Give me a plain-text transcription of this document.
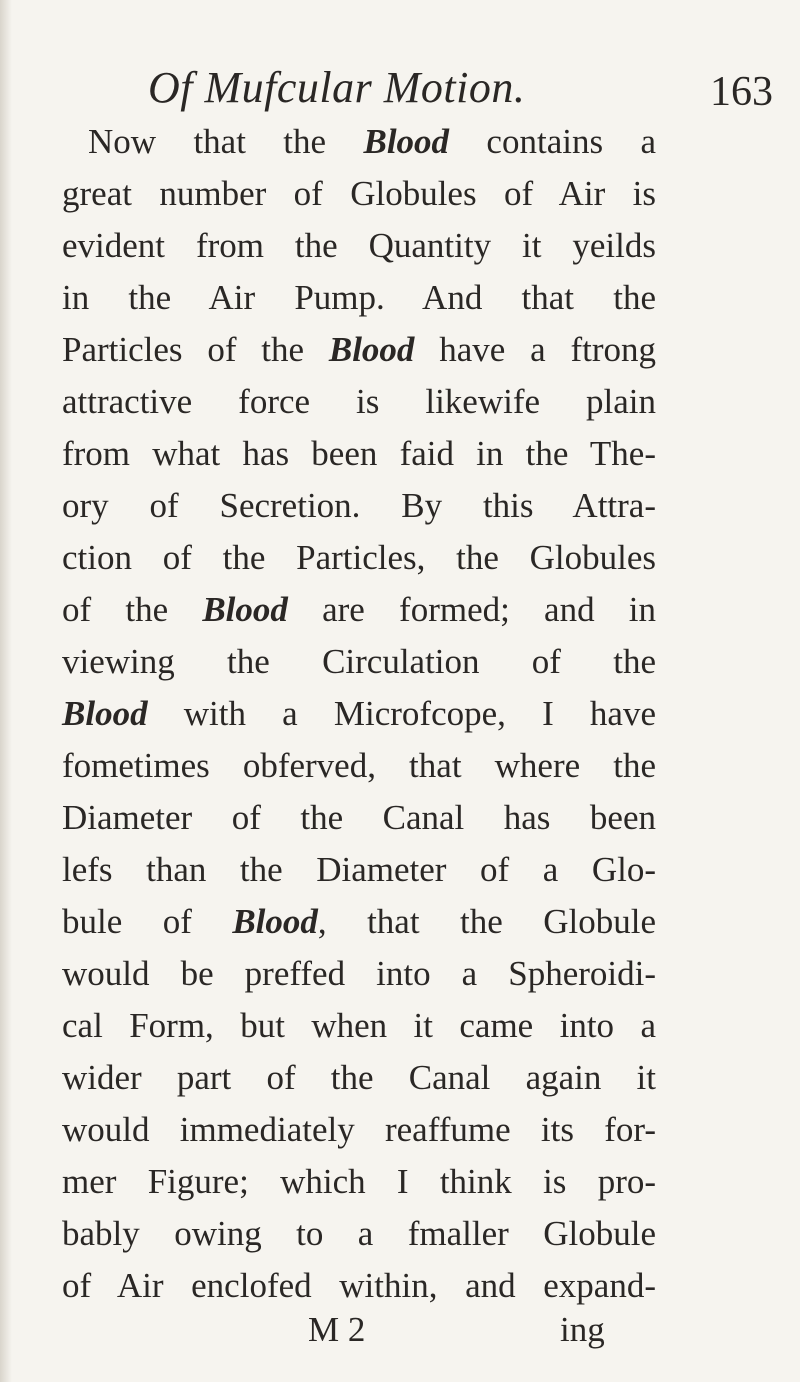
Of Mufcular Motion.	163
Now that the Blood contains a
great number of Globules of Air is
evident from the Quantity it yeilds
in the Air Pump. And that the
Particles of the Blood have a ftrong
attractive force is likewife plain
from what has been faid in the The-
ory of Secretion. By this Attra-
ction of the Particles, the Globules
of the Blood are formed; and in
viewing the Circulation of the
Blood with a Microfcope, I have
fometimes obferved, that where the
Diameter of the Canal has been
lefs than the Diameter of a Glo-
bule of Blood, that the Globule
would be preffed into a Spheroidi-
cal Form, but when it came into a
wider part of the Canal again it
would immediately reaffume its for-
mer Figure; which I think is pro-
bably owing to a fmaller Globule
of Air enclofed within, and expand-
M 2	ing
